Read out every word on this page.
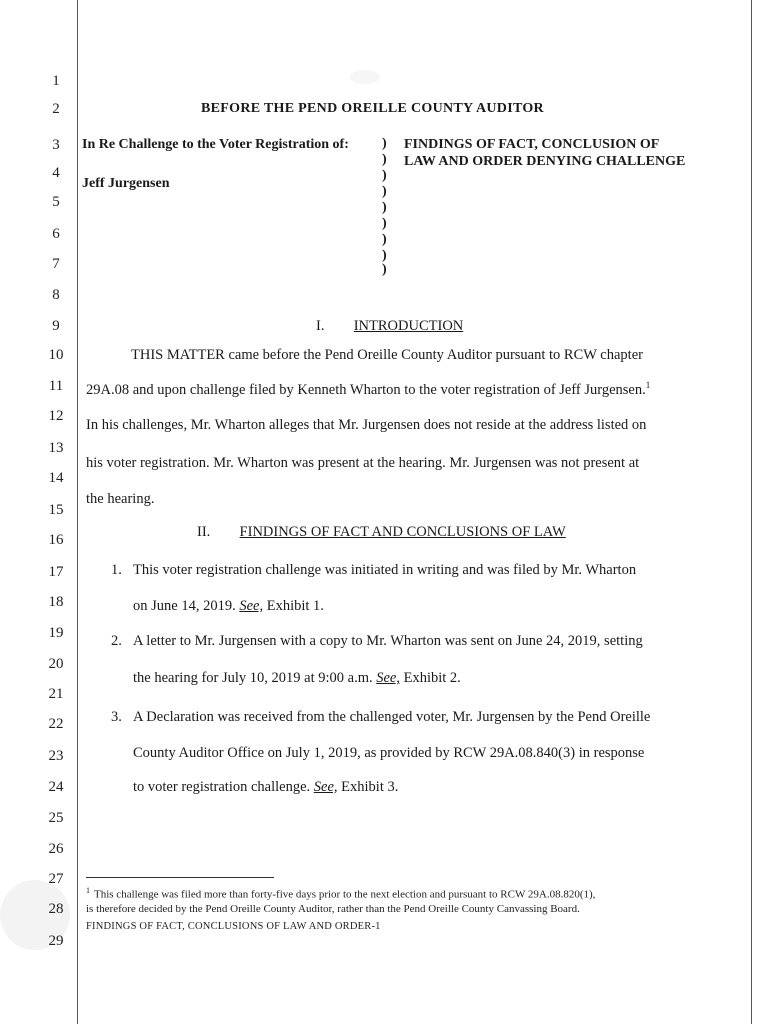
1
2
3
4
5
6
7
8
9
10
11
12
13
14
15
16
17
18
19
20
21
22
23
24
25
26
27
28
29
BEFORE THE PEND OREILLE COUNTY AUDITOR
In Re Challenge to the Voter Registration of:
Jeff Jurgensen
FINDINGS OF FACT, CONCLUSION OF
LAW AND ORDER DENYING CHALLENGE
)
)
)
)
)
)
)
)
)
I. INTRODUCTION
THIS MATTER came before the Pend Oreille County Auditor pursuant to RCW chapter
29A.08 and upon challenge filed by Kenneth Wharton to the voter registration of Jeff Jurgensen.$^1$
In his challenges, Mr. Wharton alleges that Mr. Jurgensen does not reside at the address listed on
his voter registration. Mr. Wharton was present at the hearing. Mr. Jurgensen was not present at
the hearing.
II. FINDINGS OF FACT AND CONCLUSIONS OF LAW
1. This voter registration challenge was initiated in writing and was filed by Mr. Wharton
on June 14, 2019. See, Exhibit 1.
2. A letter to Mr. Jurgensen with a copy to Mr. Wharton was sent on June 24, 2019, setting
the hearing for July 10, 2019 at 9:00 a.m. See, Exhibit 2.
3. A Declaration was received from the challenged voter, Mr. Jurgensen by the Pend Oreille
County Auditor Office on July 1, 2019, as provided by RCW 29A.08.840(3) in response
to voter registration challenge. See, Exhibit 3.
$^1$ This challenge was filed more than forty-five days prior to the next election and pursuant to RCW 29A.08.820(1),
is therefore decided by the Pend Oreille County Auditor, rather than the Pend Oreille County Canvassing Board.
FINDINGS OF FACT, CONCLUSIONS OF LAW AND ORDER-1
